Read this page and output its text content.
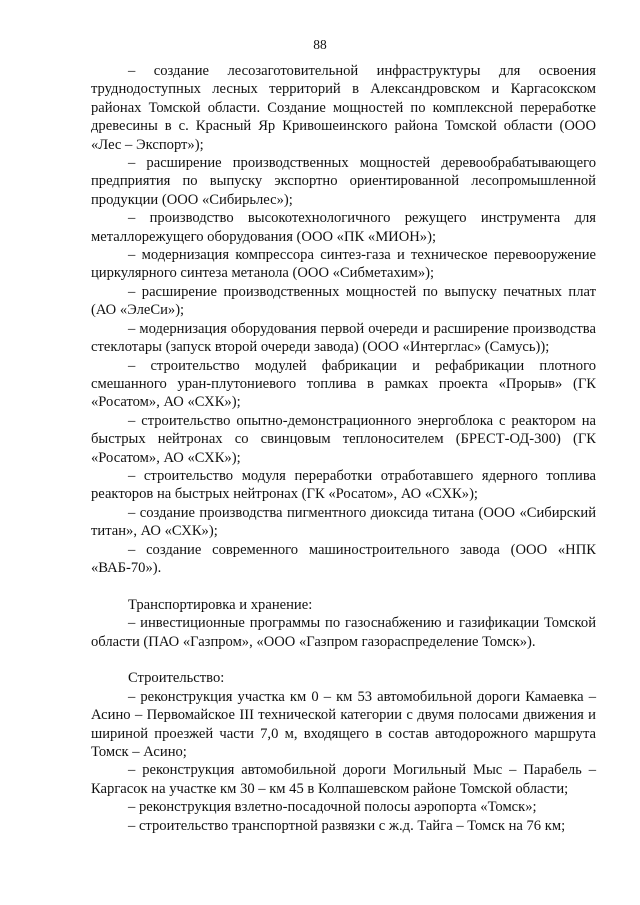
88

– создание лесозаготовительной инфраструктуры для освоения труднодоступных лесных территорий в Александровском и Каргасокском районах Томской области. Создание мощностей по комплексной переработке древесины в с. Красный Яр Кривошеинского района Томской области (ООО «Лес – Экспорт»);

– расширение производственных мощностей деревообрабатывающего предприятия по выпуску экспортно ориентированной лесопромышленной продукции (ООО «Сибирьлес»);

– производство высокотехнологичного режущего инструмента для металлорежущего оборудования (ООО «ПК «МИОН»);

– модернизация компрессора синтез-газа и техническое перевооружение циркулярного синтеза метанола (ООО «Сибметахим»);

– расширение производственных мощностей по выпуску печатных плат (АО «ЭлеСи»);

– модернизация оборудования первой очереди и расширение производства стеклотары (запуск второй очереди завода) (ООО «Интерглас» (Самусь));

– строительство модулей фабрикации и рефабрикации плотного смешанного уран-плутониевого топлива в рамках проекта «Прорыв» (ГК «Росатом», АО «СХК»);

– строительство опытно-демонстрационного энергоблока с реактором на быстрых нейтронах со свинцовым теплоносителем (БРЕСТ-ОД-300) (ГК «Росатом», АО «СХК»);

– строительство модуля переработки отработавшего ядерного топлива реакторов на быстрых нейтронах (ГК «Росатом», АО «СХК»);

– создание производства пигментного диоксида титана (ООО «Сибирский титан», АО «СХК»);

– создание современного машиностроительного завода (ООО «НПК «ВАБ-70»).

Транспортировка и хранение:

– инвестиционные программы по газоснабжению и газификации Томской области (ПАО «Газпром», «ООО «Газпром газораспределение Томск»).

Строительство:

– реконструкция участка км 0 – км 53 автомобильной дороги Камаевка – Асино – Первомайское III технической категории с двумя полосами движения и шириной проезжей части 7,0 м, входящего в состав автодорожного маршрута Томск – Асино;

– реконструкция автомобильной дороги Могильный Мыс – Парабель – Каргасок на участке км 30 – км 45 в Колпашевском районе Томской области;

– реконструкция взлетно-посадочной полосы аэропорта «Томск»;

– строительство транспортной развязки с ж.д. Тайга – Томск на 76 км;
